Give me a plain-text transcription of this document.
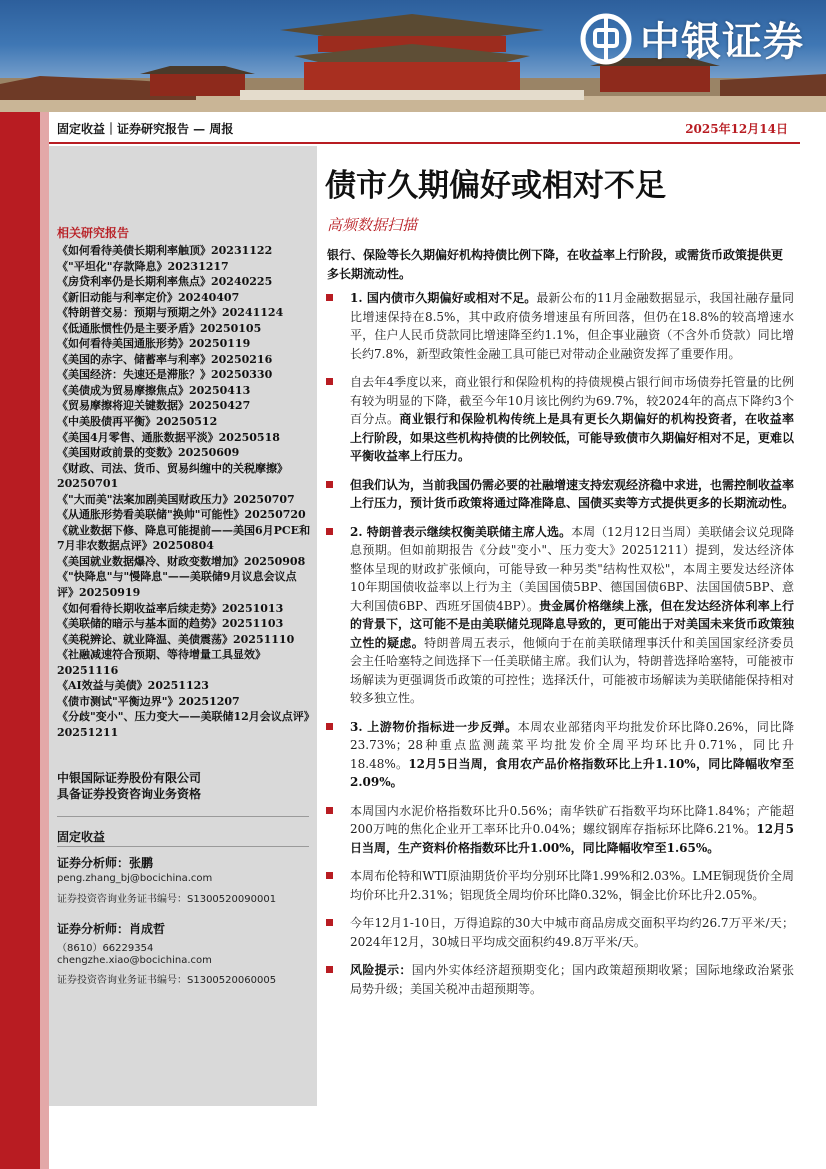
中银证券
固定收益｜证券研究报告 — 周报	2025年12月14日
相关研究报告
《如何看待美债长期利率触顶》20231122
《"平坦化"存款降息》20231217
《房贷利率仍是长期利率焦点》20240225
《新旧动能与利率定价》20240407
《特朗普交易：预期与预期之外》20241124
《低通胀惯性仍是主要矛盾》20250105
《如何看待美国通胀形势》20250119
《美国的赤字、储蓄率与利率》20250216
《美国经济：失速还是滞胀？》20250330
《美债成为贸易摩擦焦点》20250413
《贸易摩擦将迎关键数据》20250427
《中美股债再平衡》20250512
《美国4月零售、通胀数据平淡》20250518
《美国财政前景的变数》20250609
《财政、司法、货币、贸易纠缠中的关税摩擦》20250701
《"大而美"法案加剧美国财政压力》20250707
《从通胀形势看美联储"换帅"可能性》20250720
《就业数据下修、降息可能提前——美国6月PCE和7月非农数据点评》20250804
《美国就业数据爆冷、财政变数增加》20250908
《"快降息"与"慢降息"——美联储9月议息会议点评》20250919
《如何看待长期收益率后续走势》20251013
《美联储的暗示与基本面的趋势》20251103
《美税辨论、就业降温、美债震荡》20251110
《社融减速符合预期、等待增量工具显效》20251116
《AI效益与美债》20251123
《债市测试"平衡边界"》20251207
《分歧"变小"、压力变大——美联储12月会议点评》20251211
中银国际证券股份有限公司
具备证券投资咨询业务资格
固定收益
证券分析师：张鹏
peng.zhang_bj@bocichina.com
证券投资咨询业务证书编号：S1300520090001
证券分析师：肖成哲
（8610）66229354
chengzhe.xiao@bocichina.com
证券投资咨询业务证书编号：S1300520060005
债市久期偏好或相对不足
高频数据扫描
银行、保险等长久期偏好机构持债比例下降，在收益率上行阶段，或需货币政策提供更多长期流动性。
1. 国内债市久期偏好或相对不足。最新公布的11月金融数据显示，我国社融存量同比增速保持在8.5%，其中政府债务增速虽有所回落，但仍在18.8%的较高增速水平，住户人民币贷款同比增速降至约1.1%，但企事业融资（不含外币贷款）同比增长约7.8%，新型政策性金融工具可能已对带动企业融资发挥了重要作用。
自去年4季度以来，商业银行和保险机构的持债规模占银行间市场债券托管量的比例有较为明显的下降，截至今年10月该比例约为69.7%，较2024年的高点下降约3个百分点。商业银行和保险机构传统上是具有更长久期偏好的机构投资者，在收益率上行阶段，如果这些机构持债的比例较低，可能导致债市久期偏好相对不足，更难以平衡收益率上行压力。
但我们认为，当前我国仍需必要的社融增速支持宏观经济稳中求进，也需控制收益率上行压力，预计货币政策将通过降准降息、国债买卖等方式提供更多的长期流动性。
2. 特朗普表示继续权衡美联储主席人选。本周（12月12日当周）美联储会议兑现降息预期。但如前期报告《分歧"变小"、压力变大》20251211）提到，发达经济体整体呈现的财政扩张倾向，可能导致一种另类"结构性双松"，本周主要发达经济体10年期国债收益率以上行为主（美国国债5BP、德国国债6BP、法国国债5BP、意大利国债6BP、西班牙国债4BP）。贵金属价格继续上涨，但在发达经济体利率上行的背景下，这可能不是由美联储兑现降息导致的，更可能出于对美国未来货币政策独立性的疑虑。特朗普周五表示，他倾向于在前美联储理事沃什和美国国家经济委员会主任哈塞特之间选择下一任美联储主席。我们认为，特朗普选择哈塞特，可能被市场解读为更强调货币政策的可控性；选择沃什，可能被市场解读为美联储能保持相对较多独立性。
3. 上游物价指标进一步反弹。本周农业部猪肉平均批发价环比降0.26%，同比降23.73%；28种重点监测蔬菜平均批发价全周平均环比升0.71%，同比升18.48%。12月5日当周，食用农产品价格指数环比上升1.10%，同比降幅收窄至2.09%。
本周国内水泥价格指数环比升0.56%；南华铁矿石指数平均环比降1.84%；产能超200万吨的焦化企业开工率环比升0.04%；螺纹钢库存指标环比降6.21%。12月5日当周，生产资料价格指数环比升1.00%，同比降幅收窄至1.65%。
本周布伦特和WTI原油期货价平均分别环比降1.99%和2.03%。LME铜现货价全周均价环比升2.31%；铝现货全周均价环比降0.32%，铜金比价环比升2.05%。
今年12月1-10日，万得追踪的30大中城市商品房成交面积平均约26.7万平米/天；2024年12月，30城日平均成交面积约49.8万平米/天。
风险提示：国内外实体经济超预期变化；国内政策超预期收紧；国际地缘政治紧张局势升级；美国关税冲击超预期等。
